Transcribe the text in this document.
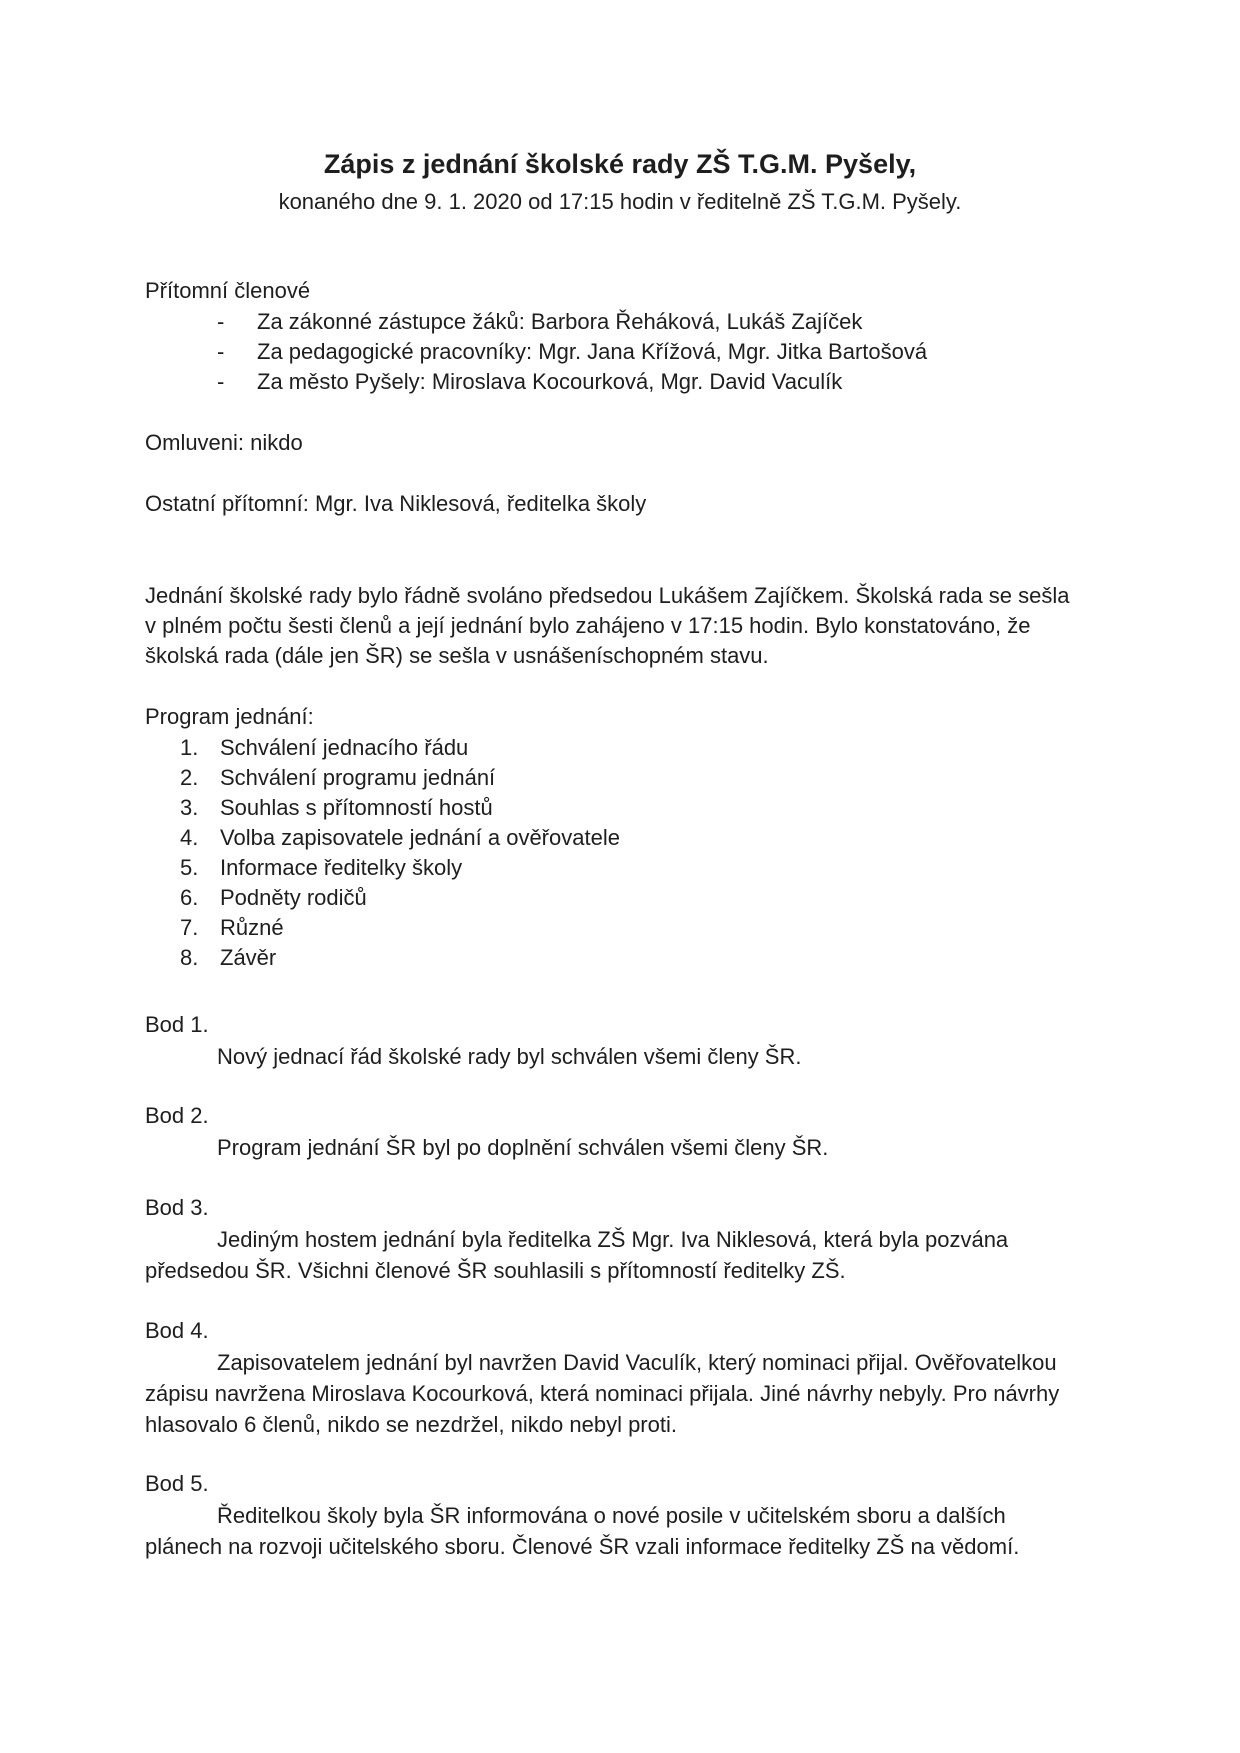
Zápis z jednání školské rady ZŠ T.G.M. Pyšely,

konaného dne 9. 1. 2020 od 17:15 hodin v ředitelně ZŠ T.G.M. Pyšely.

Přítomní členové

- Za zákonné zástupce žáků: Barbora Řeháková, Lukáš Zajíček
- Za pedagogické pracovníky: Mgr. Jana Křížová, Mgr. Jitka Bartošová
- Za město Pyšely: Miroslava Kocourková, Mgr. David Vaculík

Omluveni: nikdo

Ostatní přítomní: Mgr. Iva Niklesová, ředitelka školy

Jednání školské rady bylo řádně svoláno předsedou Lukášem Zajíčkem. Školská rada se sešla v plném počtu šesti členů a její jednání bylo zahájeno v 17:15 hodin. Bylo konstatováno, že školská rada (dále jen ŠR) se sešla v usnášeníschopném stavu.

Program jednání:

1. Schválení jednacího řádu
2. Schválení programu jednání
3. Souhlas s přítomností hostů
4. Volba zapisovatele jednání a ověřovatele
5. Informace ředitelky školy
6. Podněty rodičů
7. Různé
8. Závěr

Bod 1.

Nový jednací řád školské rady byl schválen všemi členy ŠR.

Bod 2.

Program jednání ŠR byl po doplnění schválen všemi členy ŠR.

Bod 3.

Jediným hostem jednání byla ředitelka ZŠ Mgr. Iva Niklesová, která byla pozvána předsedou ŠR. Všichni členové ŠR souhlasili s přítomností ředitelky ZŠ.

Bod 4.

Zapisovatelem jednání byl navržen David Vaculík, který nominaci přijal. Ověřovatelkou zápisu navržena Miroslava Kocourková, která nominaci přijala. Jiné návrhy nebyly. Pro návrhy hlasovalo 6 členů, nikdo se nezdržel, nikdo nebyl proti.

Bod 5.

Ředitelkou školy byla ŠR informována o nové posile v učitelském sboru a dalších plánech na rozvoji učitelského sboru. Členové ŠR vzali informace ředitelky ZŠ na vědomí.
